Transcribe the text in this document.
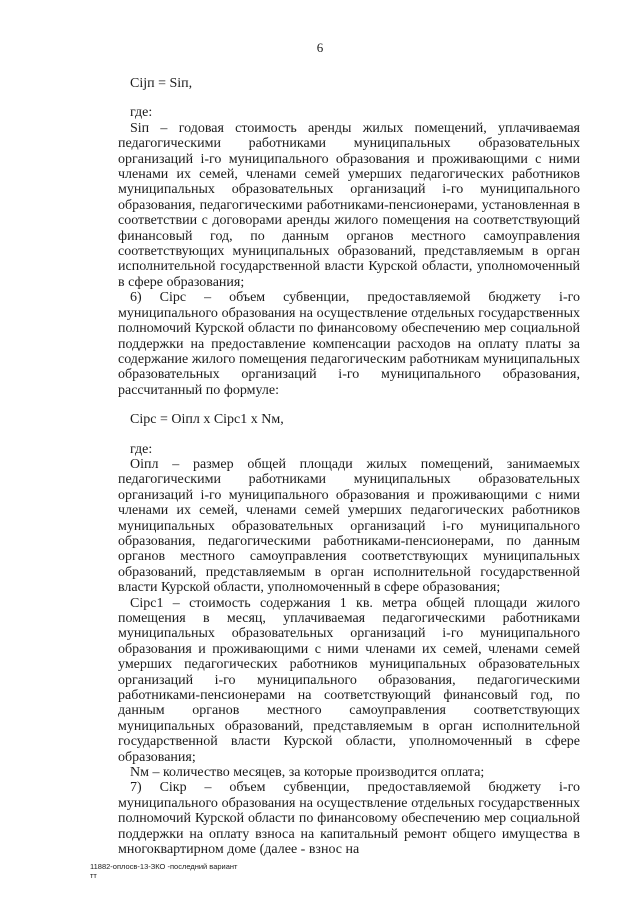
6

Cijп = Siп,

где:

Siп – годовая стоимость аренды жилых помещений, уплачиваемая педагогическими работниками муниципальных образовательных организаций i-го муниципального образования и проживающими с ними членами их семей, членами семей умерших педагогических работников муниципальных образовательных организаций i-го муниципального образования, педагогическими работниками-пенсионерами, установленная в соответствии с договорами аренды жилого помещения на соответствующий финансовый год, по данным органов местного самоуправления соответствующих муниципальных образований, представляемым в орган исполнительной государственной власти Курской области, уполномоченный в сфере образования;

6) Ciрс – объем субвенции, предоставляемой бюджету i-го муниципального образования на осуществление отдельных государственных полномочий Курской области по финансовому обеспечению мер социальной поддержки на предоставление компенсации расходов на оплату платы за содержание жилого помещения педагогическим работникам муниципальных образовательных организаций i-го муниципального образования, рассчитанный по формуле:

Ciрс = Oiпл x Ciрс1 x Nм,

где:

Oiпл – размер общей площади жилых помещений, занимаемых педагогическими работниками муниципальных образовательных организаций i-го муниципального образования и проживающими с ними членами их семей, членами семей умерших педагогических работников муниципальных образовательных организаций i-го муниципального образования, педагогическими работниками-пенсионерами, по данным органов местного самоуправления соответствующих муниципальных образований, представляемым в орган исполнительной государственной власти Курской области, уполномоченный в сфере образования;

Ciрс1 – стоимость содержания 1 кв. метра общей площади жилого помещения в месяц, уплачиваемая педагогическими работниками муниципальных образовательных организаций i-го муниципального образования и проживающими с ними членами их семей, членами семей умерших педагогических работников муниципальных образовательных организаций i-го муниципального образования, педагогическими работниками-пенсионерами на соответствующий финансовый год, по данным органов местного самоуправления соответствующих муниципальных образований, представляемым в орган исполнительной государственной власти Курской области, уполномоченный в сфере образования;

Nм – количество месяцев, за которые производится оплата;

7) Ciкр – объем субвенции, предоставляемой бюджету i-го муниципального образования на осуществление отдельных государственных полномочий Курской области по финансовому обеспечению мер социальной поддержки на оплату взноса на капитальный ремонт общего имущества в многоквартирном доме (далее - взнос на

11882-оплосв-13-ЗКО -последний вариант
тт
